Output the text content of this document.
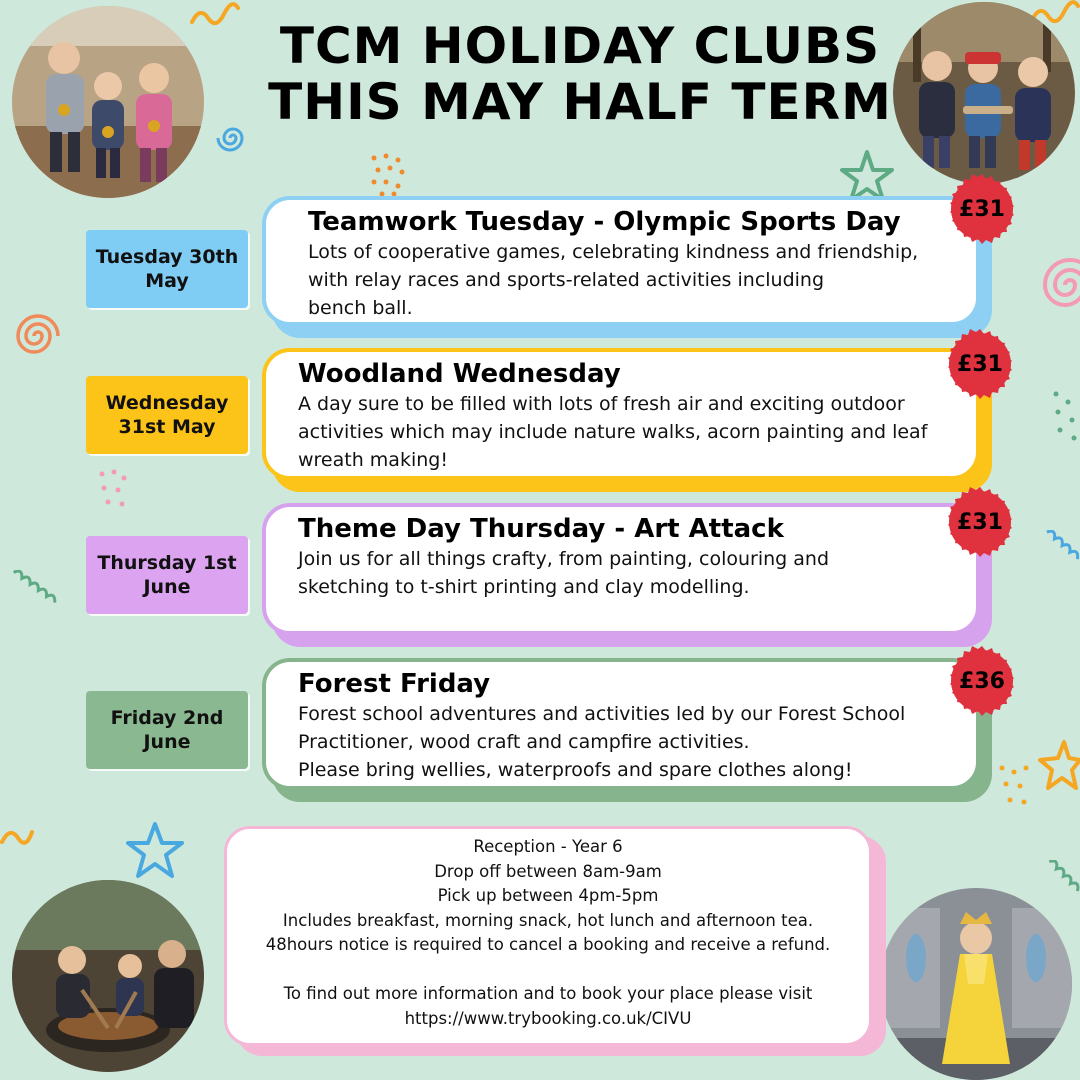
TCM HOLIDAY CLUBS
THIS MAY HALF TERM
Tuesday 30th
May
Teamwork Tuesday - Olympic Sports Day

Lots of cooperative games, celebrating kindness and friendship,
with relay races and sports-related activities including
bench ball.

£31
Wednesday
31st May
Woodland Wednesday

A day sure to be filled with lots of fresh air and exciting outdoor
activities which may include nature walks, acorn painting and leaf
wreath making!

£31
Thursday 1st
June
Theme Day Thursday - Art Attack

Join us for all things crafty, from painting, colouring and
sketching to t-shirt printing and clay modelling.

£31
Friday 2nd
June
Forest Friday

Forest school adventures and activities led by our Forest School
Practitioner, wood craft and campfire activities.
Please bring wellies, waterproofs and spare clothes along!

£36
Reception - Year 6
Drop off between 8am-9am
Pick up between 4pm-5pm
Includes breakfast, morning snack, hot lunch and afternoon tea.
48hours notice is required to cancel a booking and receive a refund.
To find out more information and to book your place please visit
https://www.trybooking.co.uk/CIVU
